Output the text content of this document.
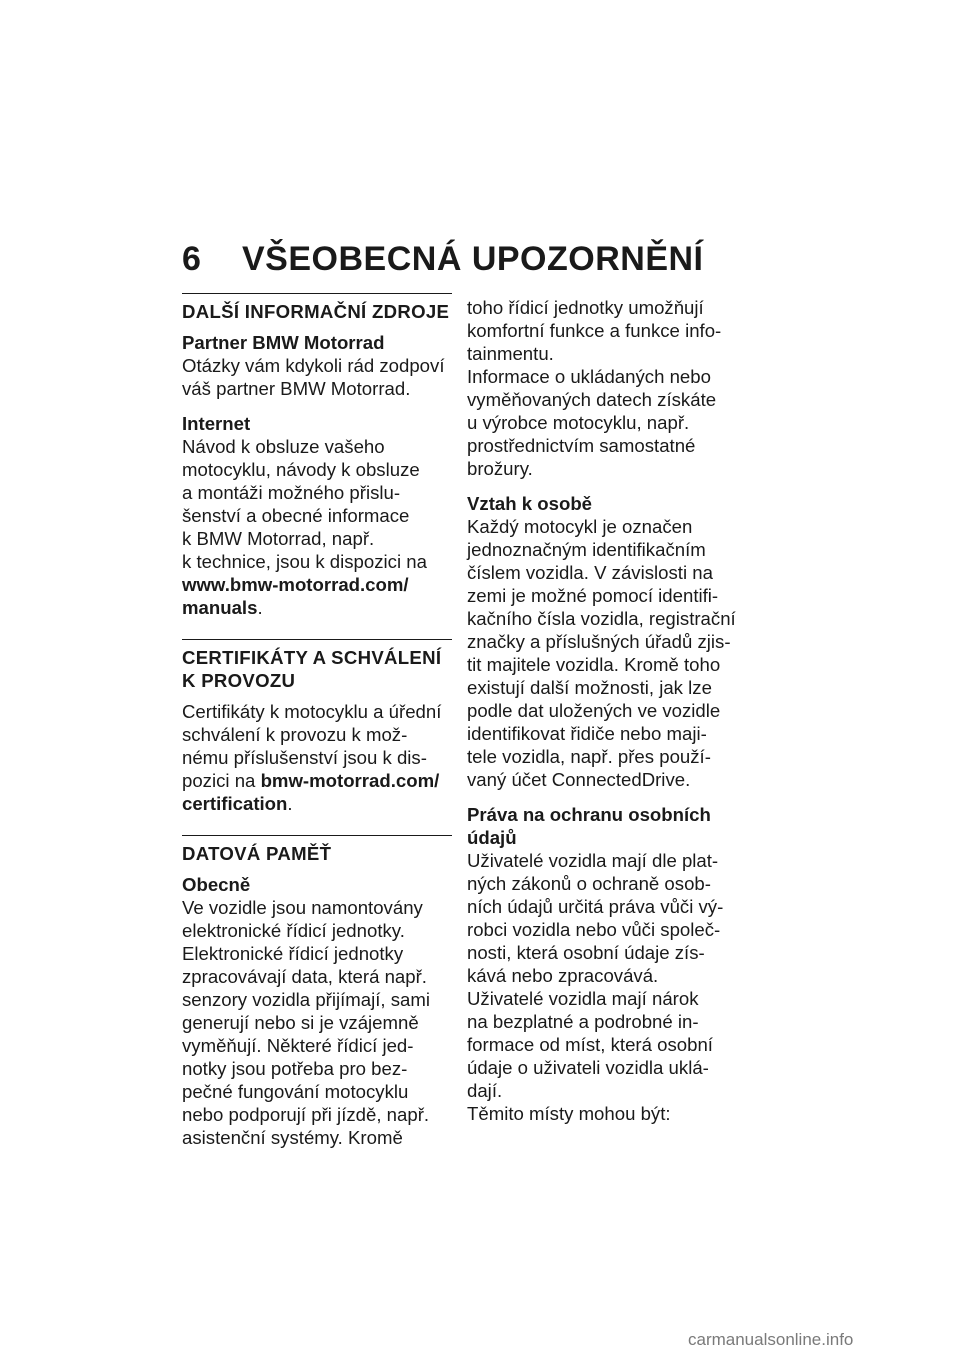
6 VŠEOBECNÁ UPOZORNĚNÍ
DALŠÍ INFORMAČNÍ ZDROJE

Partner BMW Motorrad

Otázky vám kdykoli rád zodpoví
váš partner BMW Motorrad.

Internet

Návod k obsluze vašeho
motocyklu, návody k obsluze
a montáži možného přislu-
šenství a obecné informace
k BMW Motorrad, např.
k technice, jsou k dispozici na
www.bmw-motorrad.com/
manuals.

CERTIFIKÁTY A SCHVÁLENÍ
K PROVOZU

Certifikáty k motocyklu a úřední
schválení k provozu k mož-
nému příslušenství jsou k dis-
pozici na bmw-motorrad.com/
certification.

DATOVÁ PAMĚŤ

Obecně

Ve vozidle jsou namontovány
elektronické řídicí jednotky.
Elektronické řídicí jednotky
zpracovávají data, která např.
senzory vozidla přijímají, sami
generují nebo si je vzájemně
vyměňují. Některé řídicí jed-
notky jsou potřeba pro bez-
pečné fungování motocyklu
nebo podporují při jízdě, např.
asistenční systémy. Kromě

toho řídicí jednotky umožňují
komfortní funkce a funkce info-
tainmentu.
Informace o ukládaných nebo
vyměňovaných datech získáte
u výrobce motocyklu, např.
prostřednictvím samostatné
brožury.

Vztah k osobě

Každý motocykl je označen
jednoznačným identifikačním
číslem vozidla. V závislosti na
zemi je možné pomocí identifi-
kačního čísla vozidla, registrační
značky a příslušných úřadů zjis-
tit majitele vozidla. Kromě toho
existují další možnosti, jak lze
podle dat uložených ve vozidle
identifikovat řidiče nebo maji-
tele vozidla, např. přes použí-
vaný účet ConnectedDrive.

Práva na ochranu osobních
údajů

Uživatelé vozidla mají dle plat-
ných zákonů o ochraně osob-
ních údajů určitá práva vůči vý-
robci vozidla nebo vůči společ-
nosti, která osobní údaje zís-
kává nebo zpracovává.
Uživatelé vozidla mají nárok
na bezplatné a podrobné in-
formace od míst, která osobní
údaje o uživateli vozidla uklá-
dají.
Těmito místy mohou být:

carmanualsonline.info
